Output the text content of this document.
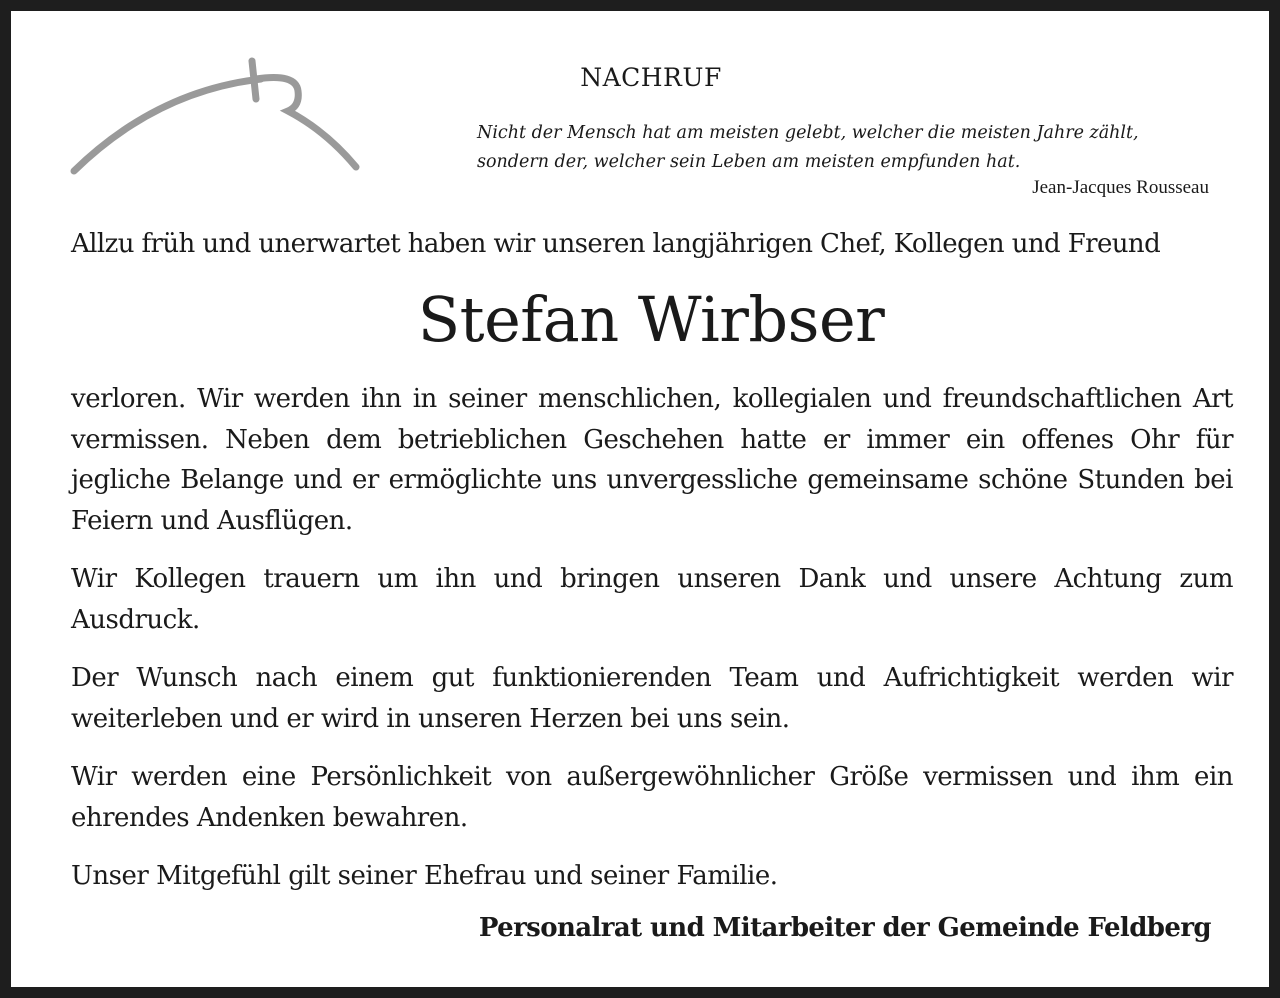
NACHRUF
Nicht der Mensch hat am meisten gelebt, welcher die meisten Jahre zählt,
sondern der, welcher sein Leben am meisten empfunden hat.
Jean-Jacques Rousseau
Allzu früh und unerwartet haben wir unseren langjährigen Chef, Kollegen und Freund
Stefan Wirbser

verloren. Wir werden ihn in seiner menschlichen, kollegialen und freundschaftlichen Art vermissen. Neben dem betrieblichen Geschehen hatte er immer ein offenes Ohr für jegliche Belange und er ermöglichte uns unvergessliche gemeinsame schöne Stunden bei Feiern und Ausflügen.

Wir Kollegen trauern um ihn und bringen unseren Dank und unsere Achtung zum Ausdruck.

Der Wunsch nach einem gut funktionierenden Team und Aufrichtigkeit werden wir weiterleben und er wird in unseren Herzen bei uns sein.

Wir werden eine Persönlichkeit von außergewöhnlicher Größe vermissen und ihm ein ehrendes Andenken bewahren.

Unser Mitgefühl gilt seiner Ehefrau und seiner Familie.

Personalrat und Mitarbeiter der Gemeinde Feldberg
